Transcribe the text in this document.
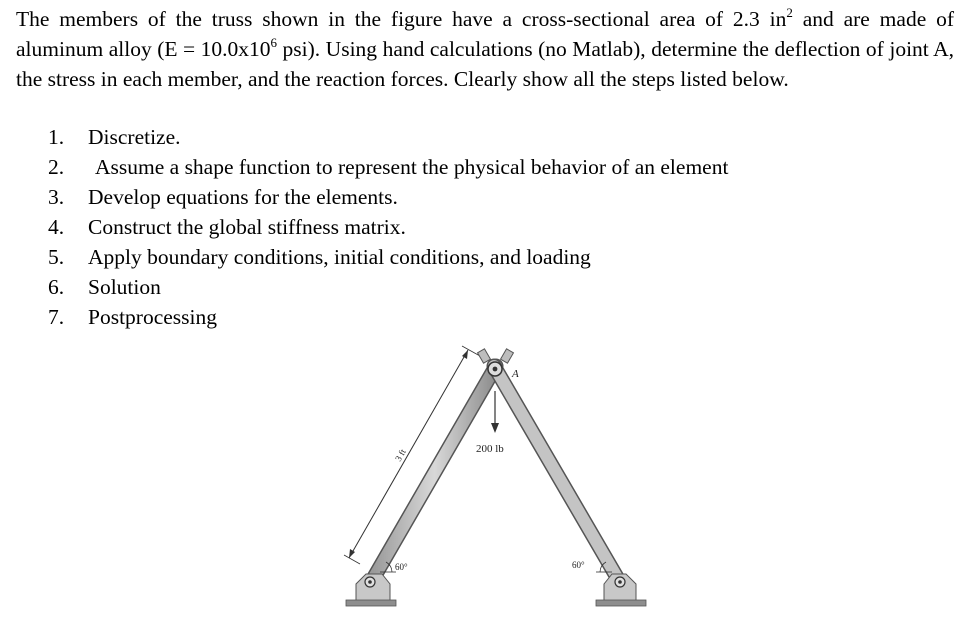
The members of the truss shown in the figure have a cross-sectional area of 2.3 $in^2$ and are made of aluminum alloy ($E = 10.0x10^6$ psi). Using hand calculations (no Matlab), determine the deflection of joint A, the stress in each member, and the reaction forces. Clearly show all the steps listed below.
1.	Discretize.
2.	Assume a shape function to represent the physical behavior of an element
3.	Develop equations for the elements.
4.	Construct the global stiffness matrix.
5.	Apply boundary conditions, initial conditions, and loading
6.	Solution
7.	Postprocessing
3 ft
A
200 lb
60°	60°
